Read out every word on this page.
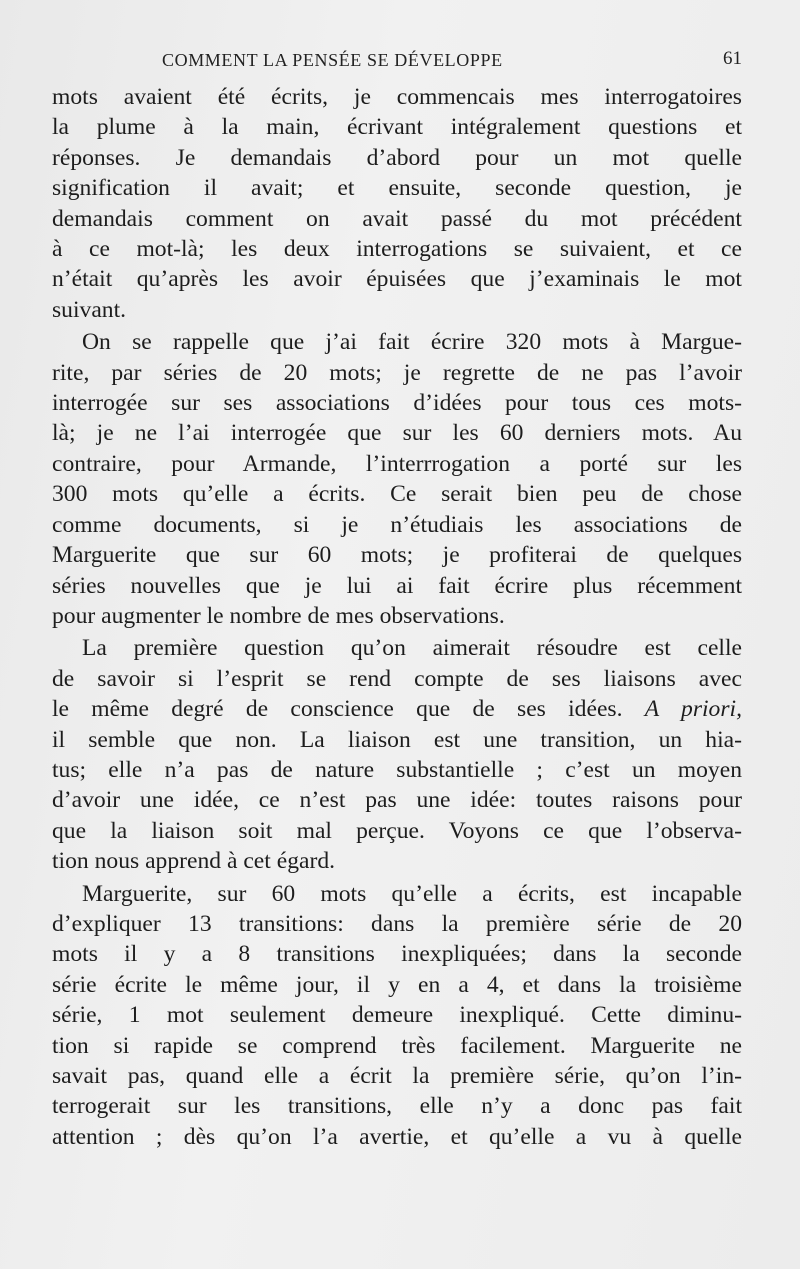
COMMENT LA PENSÉE SE DÉVELOPPE	61
mots avaient été écrits, je commencais mes interrogatoires
la plume à la main, écrivant intégralement questions et
réponses. Je demandais d’abord pour un mot quelle
signification il avait; et ensuite, seconde question, je
demandais comment on avait passé du mot précédent
à ce mot-là; les deux interrogations se suivaient, et ce
n’était qu’après les avoir épuisées que j’examinais le mot
suivant.
On se rappelle que j’ai fait écrire 320 mots à Margue-
rite, par séries de 20 mots; je regrette de ne pas l’avoir
interrogée sur ses associations d’idées pour tous ces mots-
là; je ne l’ai interrogée que sur les 60 derniers mots. Au
contraire, pour Armande, l’interrrogation a porté sur les
300 mots qu’elle a écrits. Ce serait bien peu de chose
comme documents, si je n’étudiais les associations de
Marguerite que sur 60 mots; je profiterai de quelques
séries nouvelles que je lui ai fait écrire plus récemment
pour augmenter le nombre de mes observations.
La première question qu’on aimerait résoudre est celle
de savoir si l’esprit se rend compte de ses liaisons avec
le même degré de conscience que de ses idées. A priori,
il semble que non. La liaison est une transition, un hia-
tus; elle n’a pas de nature substantielle ; c’est un moyen
d’avoir une idée, ce n’est pas une idée: toutes raisons pour
que la liaison soit mal perçue. Voyons ce que l’observa-
tion nous apprend à cet égard.
Marguerite, sur 60 mots qu’elle a écrits, est incapable
d’expliquer 13 transitions: dans la première série de 20
mots il y a 8 transitions inexpliquées; dans la seconde
série écrite le même jour, il y en a 4, et dans la troisième
série, 1 mot seulement demeure inexpliqué. Cette diminu-
tion si rapide se comprend très facilement. Marguerite ne
savait pas, quand elle a écrit la première série, qu’on l’in-
terrogerait sur les transitions, elle n’y a donc pas fait
attention ; dès qu’on l’a avertie, et qu’elle a vu à quelle
